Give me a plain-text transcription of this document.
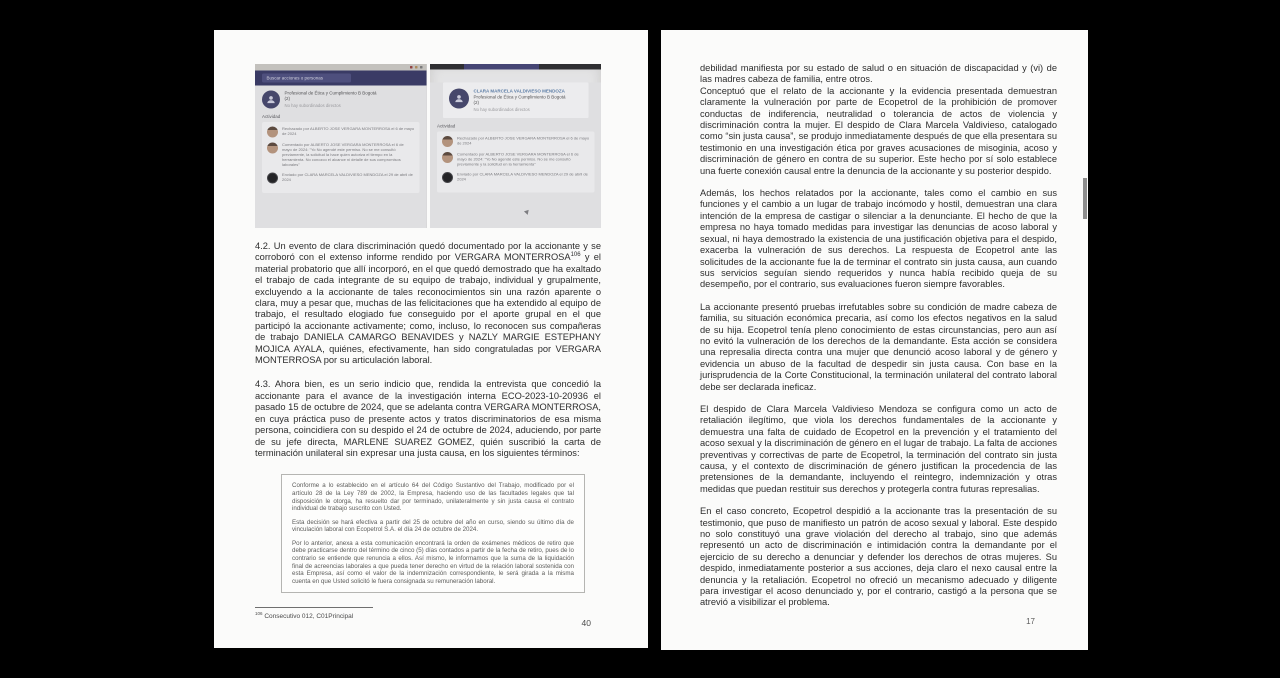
Buscar acciones o personas
Profesional de Ética y Cumplimiento B Bogotá (2)
No hay subordinados directos
Actividad
Rechazado por ALBERTO JOSE VERGARA MONTERROSA el 6 de mayo de 2024
Comentado por ALBERTO JOSE VERGARA MONTERROSA el 6 de mayo de 2024: "Yo No agendé este permiso. No se me consultó previamente, la solicitud la hace quien autoriza el tiempo en la herramienta. No conozco el alcance ni detalle de sus compromisos laborales"
Enviado por CLARA MARCELA VALDIVIESO MENDOZA el 29 de abril de 2024
CLARA MARCELA VALDIVIESO MENDOZA
Profesional de Ética y Cumplimiento B Bogotá (2)
No hay subordinados directos
Actividad
Rechazado por ALBERTO JOSE VERGARA MONTERROSA el 6 de mayo de 2024
Comentado por ALBERTO JOSE VERGARA MONTERROSA el 6 de mayo de 2024: "Yo No agendé este permiso. No se me consultó previamente y la solicitud en la herramienta"
Enviado por CLARA MARCELA VALDIVIESO MENDOZA el 29 de abril de 2024

4.2. Un evento de clara discriminación quedó documentado por la accionante y se corroboró con el extenso informe rendido por VERGARA MONTERROSA$^{106}$ y el material probatorio que allí incorporó, en el que quedó demostrado que ha exaltado el trabajo de cada integrante de su equipo de trabajo, individual y grupalmente, excluyendo a la accionante de tales reconocimientos sin una razón aparente o clara, muy a pesar que, muchas de las felicitaciones que ha extendido al equipo de trabajo, el resultado elogiado fue conseguido por el aporte grupal en el que participó la accionante activamente; como, incluso, lo reconocen sus compañeras de trabajo DANIELA CAMARGO BENAVIDES y NAZLY MARGIE ESTEPHANY MOJICA AYALA, quiénes, efectivamente, han sido congratuladas por VERGARA MONTERROSA por su articulación laboral.

4.3. Ahora bien, es un serio indicio que, rendida la entrevista que concedió la accionante para el avance de la investigación interna ECO-2023-10-20936 el pasado 15 de octubre de 2024, que se adelanta contra VERGARA MONTERROSA, en cuya práctica puso de presente actos y tratos discriminatorios de esa misma persona, coincidiera con su despido el 24 de octubre de 2024, aduciendo, por parte de su jefe directa, MARLENE SUAREZ GOMEZ, quién suscribió la carta de terminación unilateral sin expresar una justa causa, en los siguientes términos:

Conforme a lo establecido en el artículo 64 del Código Sustantivo del Trabajo, modificado por el artículo 28 de la Ley 789 de 2002, la Empresa, haciendo uso de las facultades legales que tal disposición le otorga, ha resuelto dar por terminado, unilateralmente y sin justa causa el contrato individual de trabajo suscrito con Usted.

Esta decisión se hará efectiva a partir del 25 de octubre del año en curso, siendo su último día de vinculación laboral con Ecopetrol S.A. el día 24 de octubre de 2024.

Por lo anterior, anexa a esta comunicación encontrará la orden de exámenes médicos de retiro que debe practicarse dentro del término de cinco (5) días contados a partir de la fecha de retiro, pues de lo contrario se entiende que renuncia a ellos. Así mismo, le informamos que la suma de la liquidación final de acreencias laborales a que pueda tener derecho en virtud de la relación laboral sostenida con esta Empresa, así como el valor de la indemnización correspondiente, le será girada a la misma cuenta en que Usted solicitó le fuera consignada su remuneración laboral.

$^{106}$ Consecutivo 012, C01Principal
40

debilidad manifiesta por su estado de salud o en situación de discapacidad y (vi) de las madres cabeza de familia, entre otros.

Conceptuó que el relato de la accionante y la evidencia presentada demuestran claramente la vulneración por parte de Ecopetrol de la prohibición de promover conductas de indiferencia, neutralidad o tolerancia de actos de violencia y discriminación contra la mujer. El despido de Clara Marcela Valdivieso, catalogado como “sin justa causa”, se produjo inmediatamente después de que ella presentara su testimonio en una investigación ética por graves acusaciones de misoginia, acoso y discriminación de género en contra de su superior. Este hecho por sí solo establece una fuerte conexión causal entre la denuncia de la accionante y su posterior despido.

Además, los hechos relatados por la accionante, tales como el cambio en sus funciones y el cambio a un lugar de trabajo incómodo y hostil, demuestran una clara intención de la empresa de castigar o silenciar a la denunciante. El hecho de que la empresa no haya tomado medidas para investigar las denuncias de acoso laboral y sexual, ni haya demostrado la existencia de una justificación objetiva para el despido, exacerba la vulneración de sus derechos. La respuesta de Ecopetrol ante las solicitudes de la accionante fue la de terminar el contrato sin justa causa, aun cuando sus servicios seguían siendo requeridos y nunca había recibido queja de su desempeño, por el contrario, sus evaluaciones fueron siempre favorables.

La accionante presentó pruebas irrefutables sobre su condición de madre cabeza de familia, su situación económica precaria, así como los efectos negativos en la salud de su hija. Ecopetrol tenía pleno conocimiento de estas circunstancias, pero aun así no evitó la vulneración de los derechos de la demandante. Esta acción se considera una represalia directa contra una mujer que denunció acoso laboral y de género y evidencia un abuso de la facultad de despedir sin justa causa. Con base en la jurisprudencia de la Corte Constitucional, la terminación unilateral del contrato laboral debe ser declarada ineficaz.

El despido de Clara Marcela Valdivieso Mendoza se configura como un acto de retaliación ilegítimo, que viola los derechos fundamentales de la accionante y demuestra una falta de cuidado de Ecopetrol en la prevención y el tratamiento del acoso sexual y la discriminación de género en el lugar de trabajo. La falta de acciones preventivas y correctivas de parte de Ecopetrol, la terminación del contrato sin justa causa, y el contexto de discriminación de género justifican la procedencia de las pretensiones de la demandante, incluyendo el reintegro, indemnización y otras medidas que puedan restituir sus derechos y protegerla contra futuras represalias.

En el caso concreto, Ecopetrol despidió a la accionante tras la presentación de su testimonio, que puso de manifiesto un patrón de acoso sexual y laboral. Este despido no solo constituyó una grave violación del derecho al trabajo, sino que además representó un acto de discriminación e intimidación contra la demandante por el ejercicio de su derecho a denunciar y defender los derechos de otras mujeres. Su despido, inmediatamente posterior a sus acciones, deja claro el nexo causal entre la denuncia y la retaliación. Ecopetrol no ofreció un mecanismo adecuado y diligente para investigar el acoso denunciado y, por el contrario, castigó a la persona que se atrevió a visibilizar el problema.

17
